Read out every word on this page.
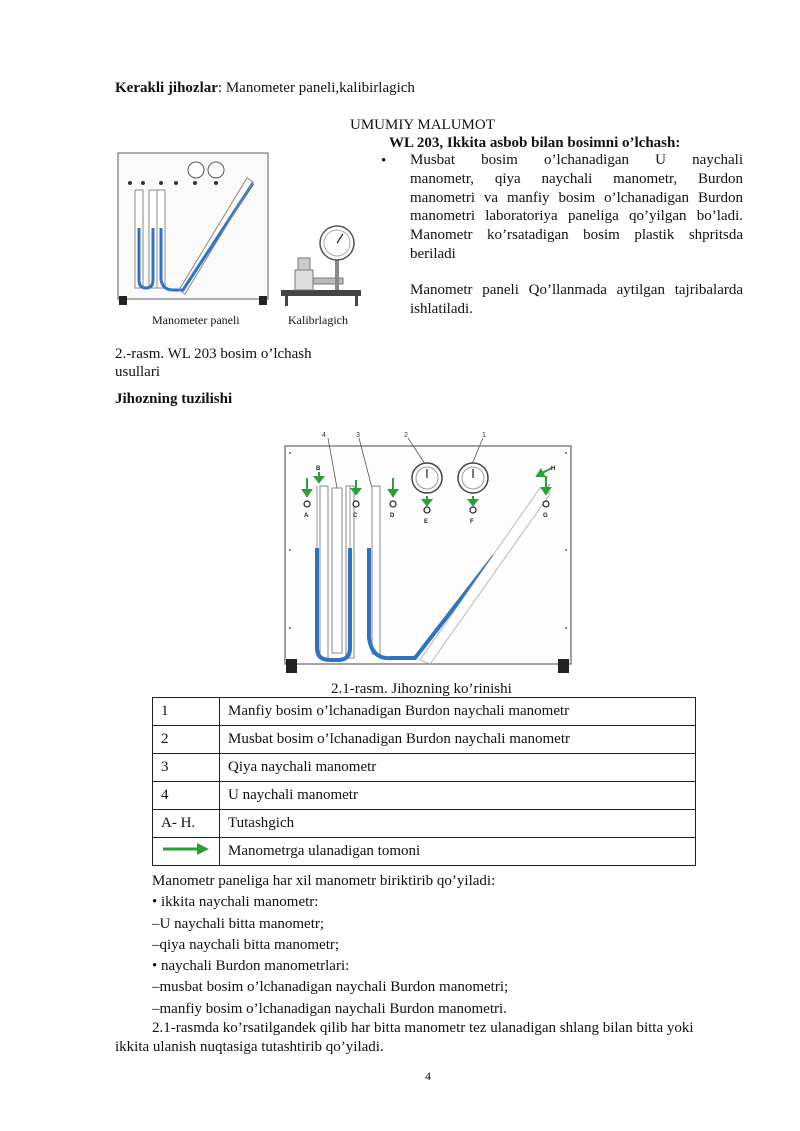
Kerakli jihozlar: Manometer paneli,kalibirlagich
UMUMIY MALUMOT
WL 203, Ikkita asbob bilan bosimni o’lchash:
• Musbat bosim o’lchanadigan U naychali
manometr, qiya naychali manometr, Burdon
manometri va manfiy bosim o’lchanadigan Burdon
manometri laboratoriya paneliga qo’yilgan bo’ladi.
Manometr ko’rsatadigan bosim plastik shpritsda
beriladi
Manometr paneli Qo’llanmada aytilgan tajribalarda
ishlatiladi.
Manometer paneli	Kalibrlagich
2.-rasm. WL 203 bosim o’lchash
usullari
Jihozning tuzilishi
4	3	2	1
A
B
C	D
E	F
G
H
2.1-rasm. Jihozning ko’rinishi
1	Manfiy bosim o’lchanadigan Burdon naychali manometr
2	Musbat bosim o’lchanadigan Burdon naychali manometr
3	Qiya naychali manometr
4	U naychali manometr
A- H.	Tutashgich
	Manometrga ulanadigan tomoni
Manometr paneliga har xil manometr biriktirib qo’yiladi:
• ikkita naychali manometr:
–U naychali bitta manometr;
–qiya naychali bitta manometr;
• naychali Burdon manometrlari:
–musbat bosim o’lchanadigan naychali Burdon manometri;
–manfiy bosim o’lchanadigan naychali Burdon manometri.
2.1-rasmda ko’rsatilgandek qilib har bitta manometr tez ulanadigan shlang bilan bitta yoki
ikkita ulanish nuqtasiga tutashtirib qo’yiladi.
4
